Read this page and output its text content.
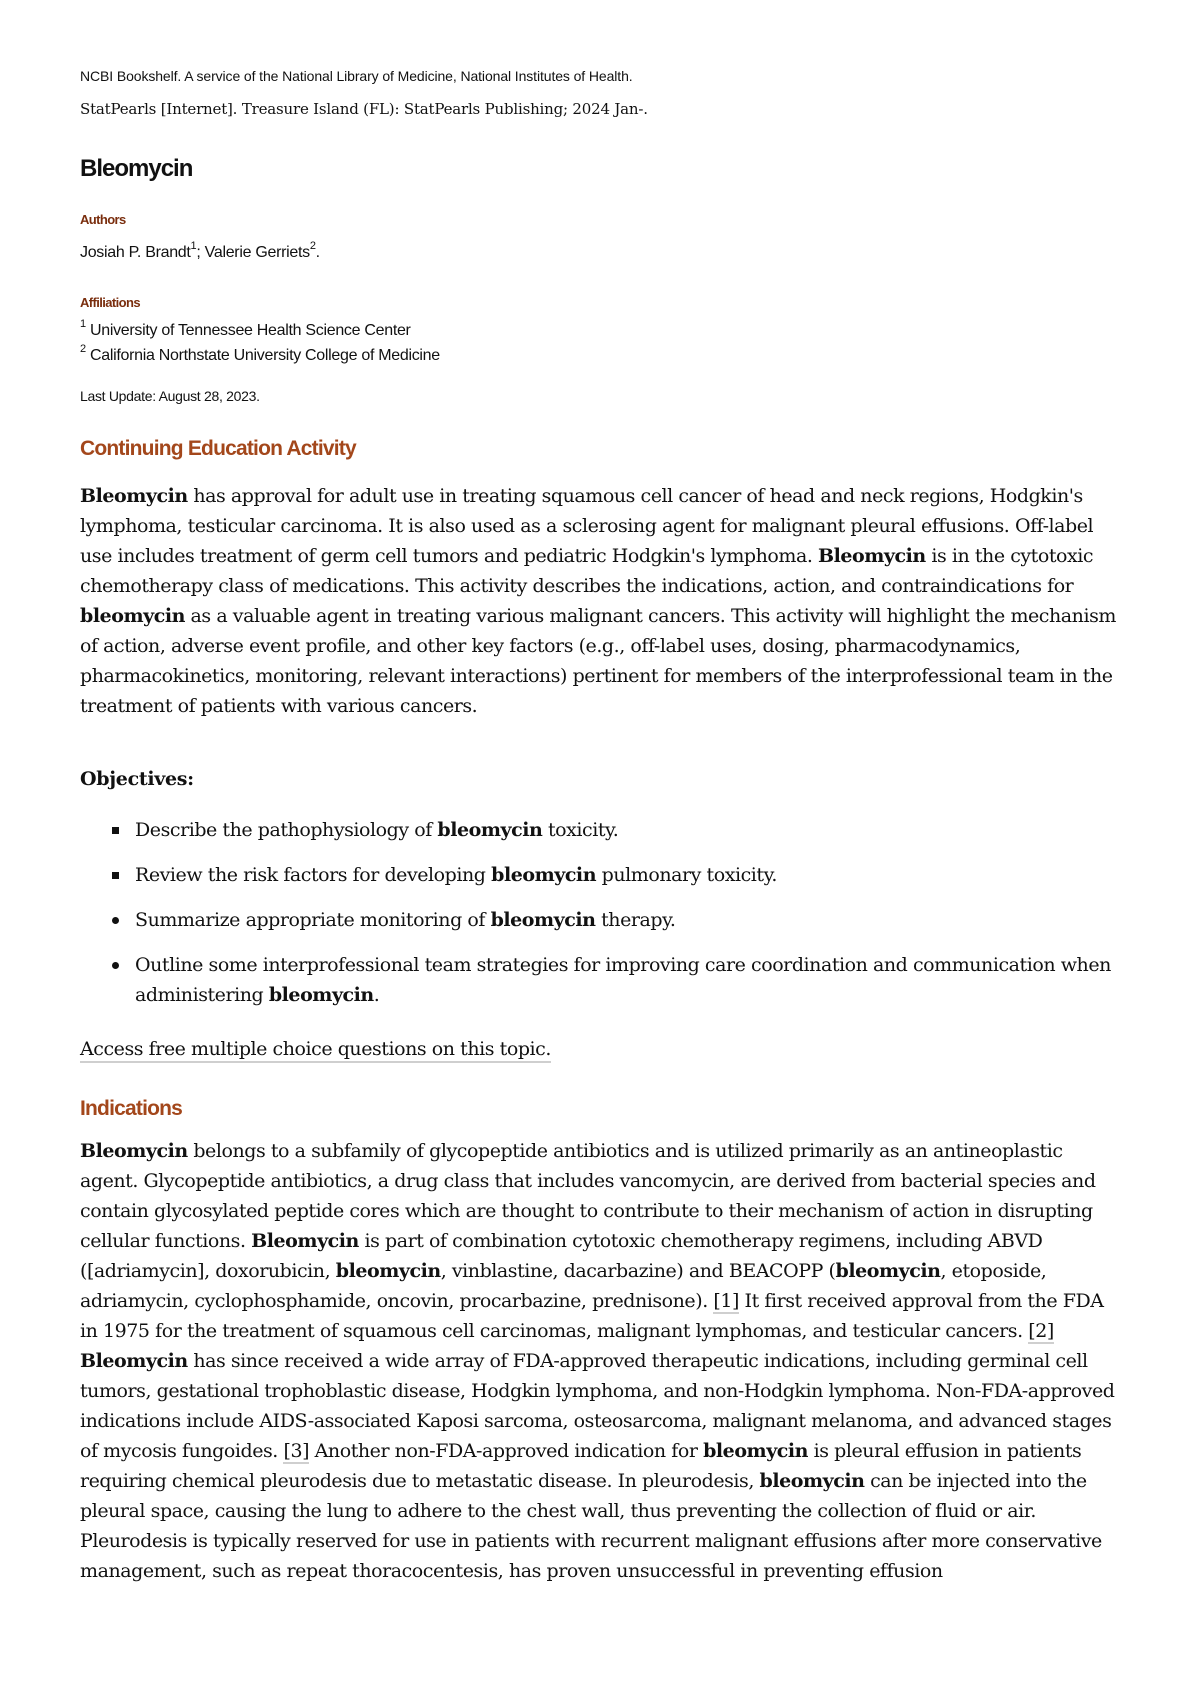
NCBI Bookshelf. A service of the National Library of Medicine, National Institutes of Health.
StatPearls [Internet]. Treasure Island (FL): StatPearls Publishing; 2024 Jan-.
Bleomycin
Authors
Josiah P. Brandt$^1$; Valerie Gerriets$^2$.
Affiliations
$^1$ University of Tennessee Health Science Center
$^2$ California Northstate University College of Medicine
Last Update: August 28, 2023.
Continuing Education Activity

Bleomycin has approval for adult use in treating squamous cell cancer of head and neck regions, Hodgkin's lymphoma, testicular carcinoma. It is also used as a sclerosing agent for malignant pleural effusions. Off-label use includes treatment of germ cell tumors and pediatric Hodgkin's lymphoma. Bleomycin is in the cytotoxic chemotherapy class of medications. This activity describes the indications, action, and contraindications for bleomycin as a valuable agent in treating various malignant cancers. This activity will highlight the mechanism of action, adverse event profile, and other key factors (e.g., off-label uses, dosing, pharmacodynamics, pharmacokinetics, monitoring, relevant interactions) pertinent for members of the interprofessional team in the treatment of patients with various cancers.

Objectives:
Describe the pathophysiology of bleomycin toxicity.
Review the risk factors for developing bleomycin pulmonary toxicity.
Summarize appropriate monitoring of bleomycin therapy.
Outline some interprofessional team strategies for improving care coordination and communication when administering bleomycin.
Access free multiple choice questions on this topic.
Indications

Bleomycin belongs to a subfamily of glycopeptide antibiotics and is utilized primarily as an antineoplastic agent. Glycopeptide antibiotics, a drug class that includes vancomycin, are derived from bacterial species and contain glycosylated peptide cores which are thought to contribute to their mechanism of action in disrupting cellular functions. Bleomycin is part of combination cytotoxic chemotherapy regimens, including ABVD ([adriamycin], doxorubicin, bleomycin, vinblastine, dacarbazine) and BEACOPP (bleomycin, etoposide, adriamycin, cyclophosphamide, oncovin, procarbazine, prednisone). [1] It first received approval from the FDA in 1975 for the treatment of squamous cell carcinomas, malignant lymphomas, and testicular cancers. [2] Bleomycin has since received a wide array of FDA-approved therapeutic indications, including germinal cell tumors, gestational trophoblastic disease, Hodgkin lymphoma, and non-Hodgkin lymphoma. Non-FDA-approved indications include AIDS-associated Kaposi sarcoma, osteosarcoma, malignant melanoma, and advanced stages of mycosis fungoides. [3] Another non-FDA-approved indication for bleomycin is pleural effusion in patients requiring chemical pleurodesis due to metastatic disease. In pleurodesis, bleomycin can be injected into the pleural space, causing the lung to adhere to the chest wall, thus preventing the collection of fluid or air. Pleurodesis is typically reserved for use in patients with recurrent malignant effusions after more conservative management, such as repeat thoracocentesis, has proven unsuccessful in preventing effusion
